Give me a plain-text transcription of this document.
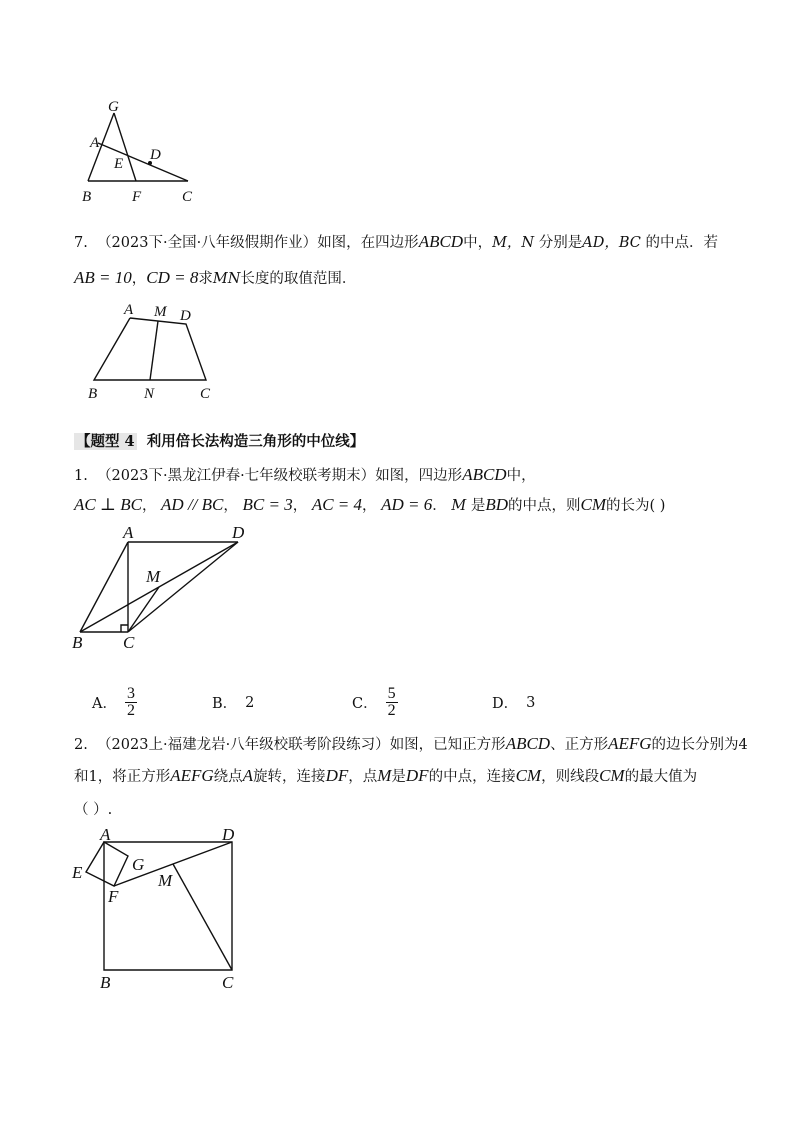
G
A
E
D
B	F	C
7. （2023下·全国·八年级假期作业）如图，在四边形ABCD中，M，N 分别是AD，BC 的中点．若
AB = 10，CD = 8求MN长度的取值范围．
A M D
B	N	C
【题型 4 利用倍长法构造三角形的中位线】
1. （2023下·黑龙江伊春·七年级校联考期末）如图，四边形ABCD中，
AC ⊥ BC， AD // BC， BC = 3， AC = 4， AD = 6． M 是BD的中点，则CM的长为( )
A	D
M
B C
A． $\frac{3}{2}$	B． 2	C． $\frac{5}{2}$	D． 3
2. （2023上·福建龙岩·八年级校联考阶段练习）如图，已知正方形ABCD、正方形AEFG的边长分别为4
和1，将正方形AEFG绕点A旋转，连接DF，点M是DF的中点，连接CM，则线段CM的最大值为
（ ）.
A	D
G
E	M
F
B	C
